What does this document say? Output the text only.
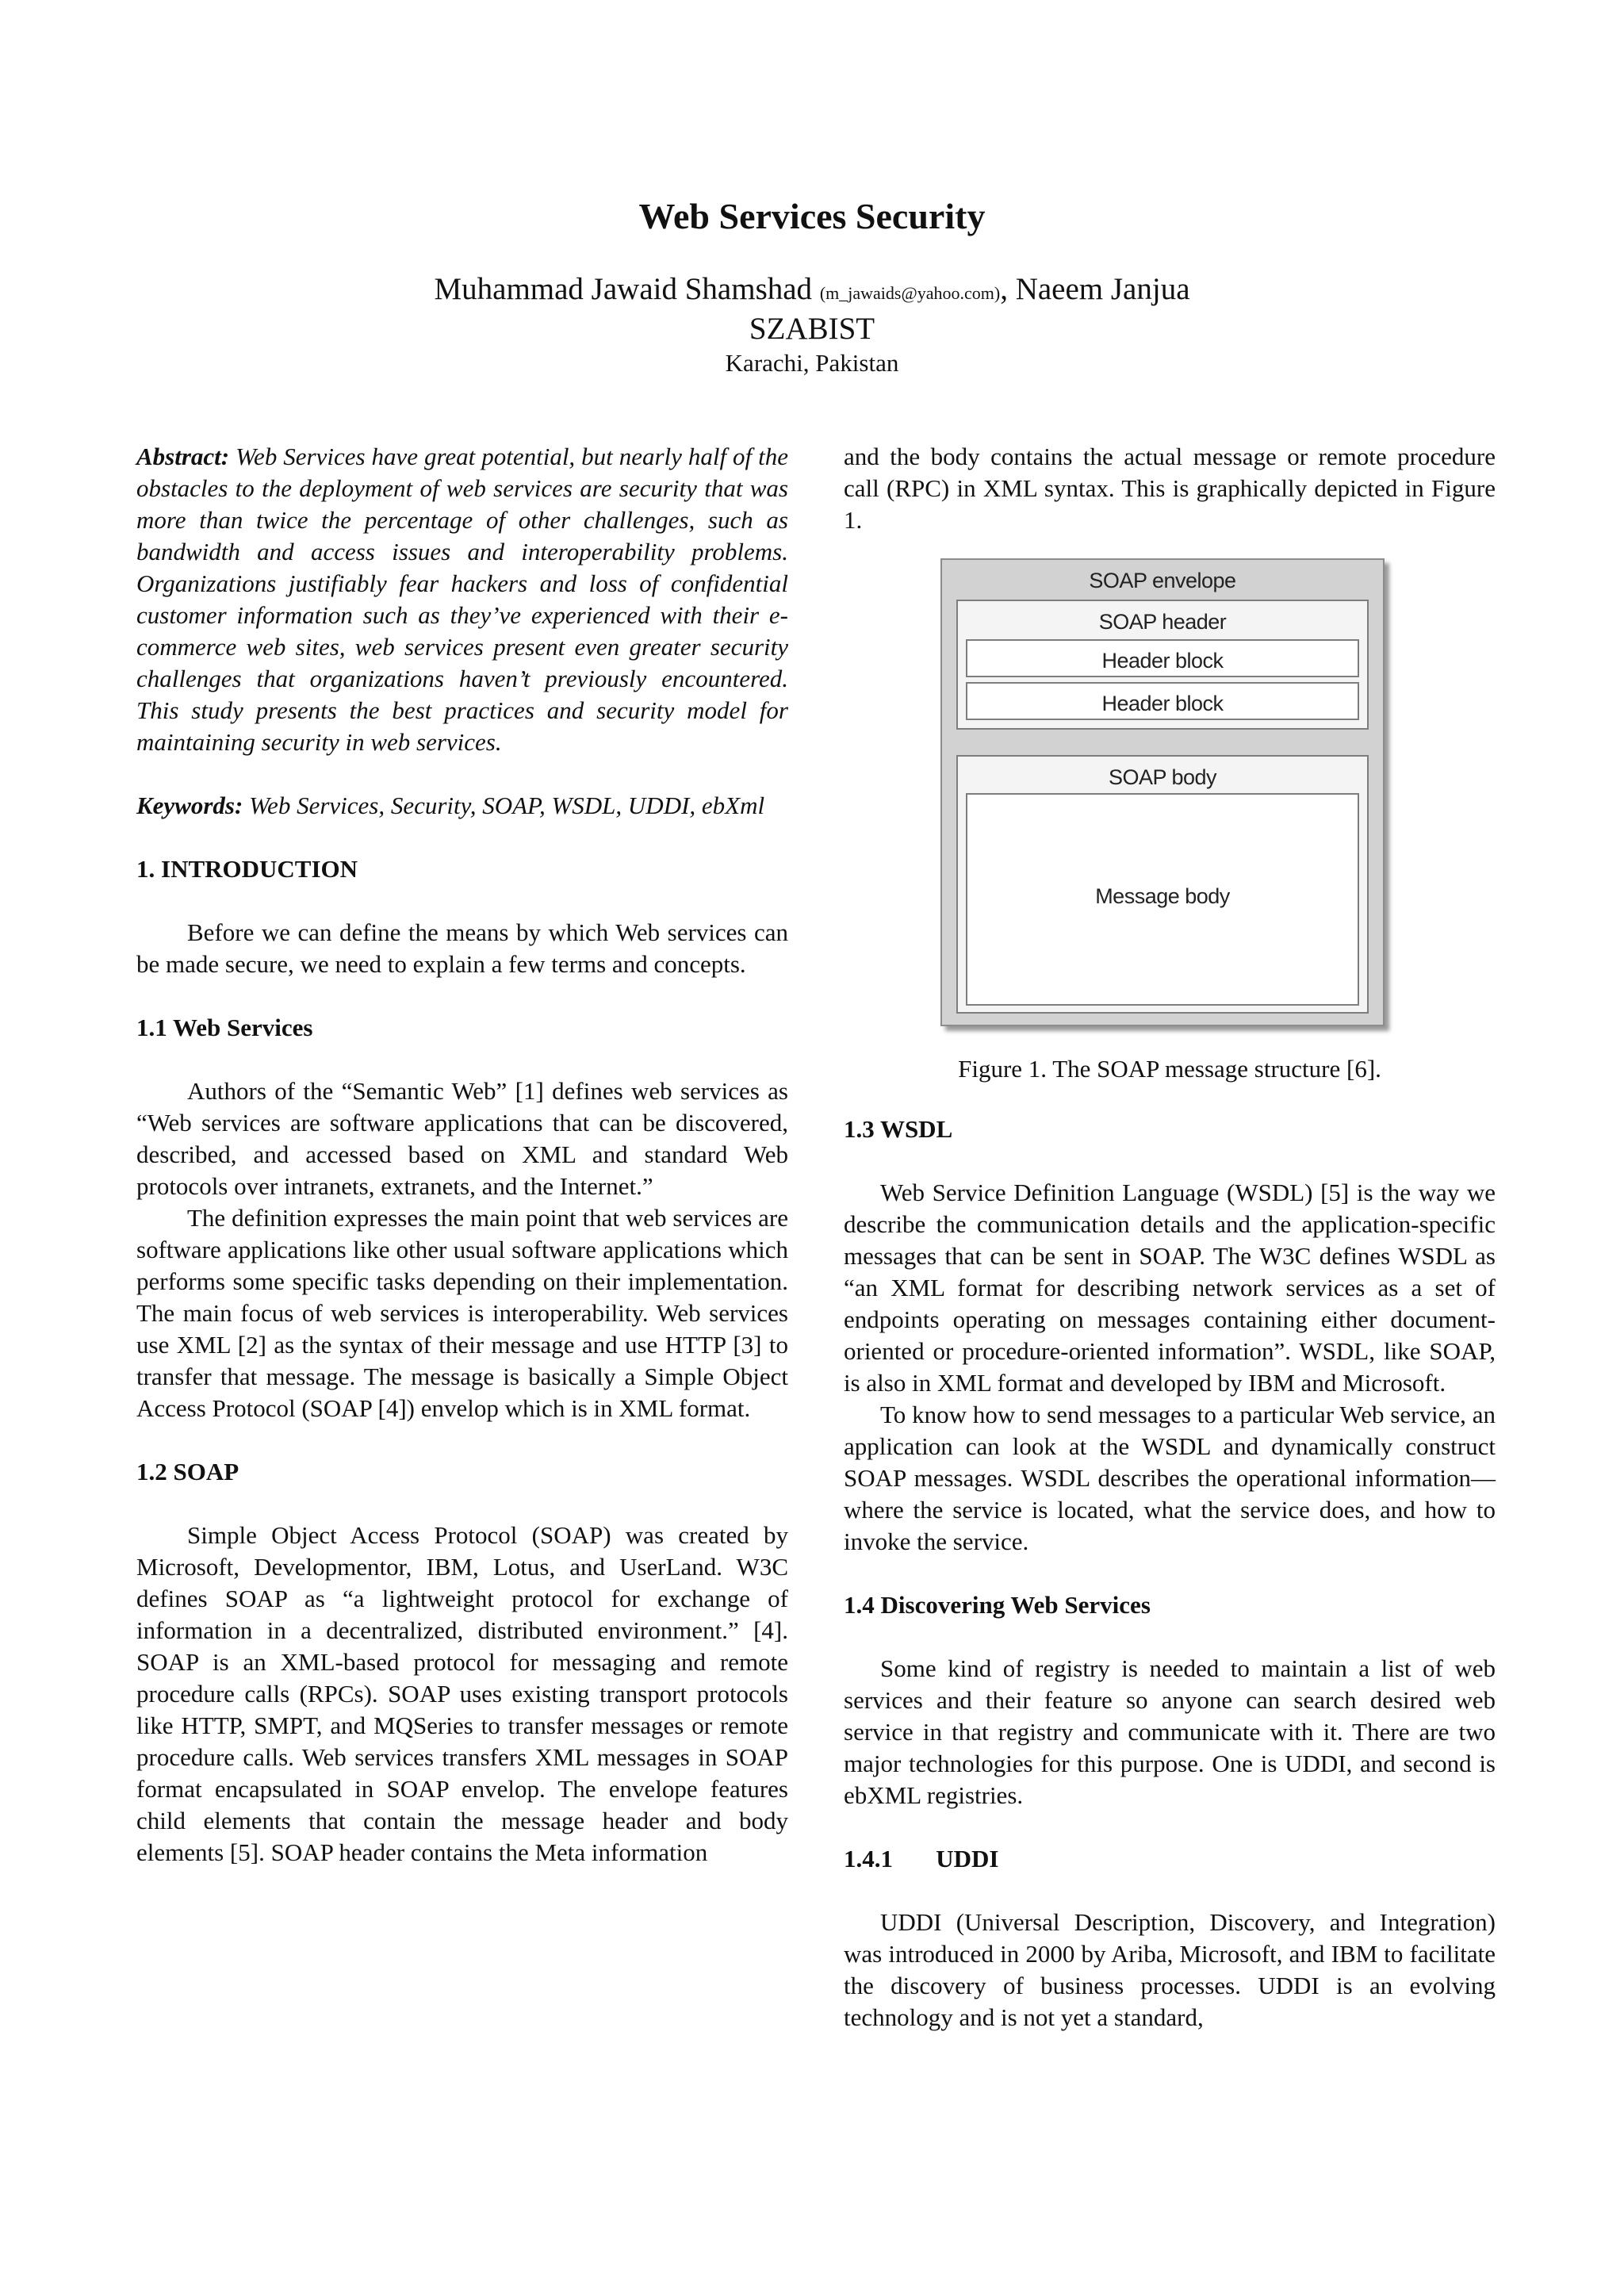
Web Services Security
Muhammad Jawaid Shamshad (m_jawaids@yahoo.com), Naeem Janjua
SZABIST
Karachi, Pakistan

Abstract: Web Services have great potential, but nearly half of the obstacles to the deployment of web services are security that was more than twice the percentage of other challenges, such as bandwidth and access issues and interoperability problems. Organizations justifiably fear hackers and loss of confidential customer information such as they’ve experienced with their e-commerce web sites, web services present even greater security challenges that organizations haven’t previously encountered. This study presents the best practices and security model for maintaining security in web services.

Keywords: Web Services, Security, SOAP, WSDL, UDDI, ebXml

1. INTRODUCTION

Before we can define the means by which Web services can be made secure, we need to explain a few terms and concepts.

1.1 Web Services

Authors of the “Semantic Web” [1] defines web services as “Web services are software applications that can be discovered, described, and accessed based on XML and standard Web protocols over intranets, extranets, and the Internet.”

The definition expresses the main point that web services are software applications like other usual software applications which performs some specific tasks depending on their implementation. The main focus of web services is interoperability. Web services use XML [2] as the syntax of their message and use HTTP [3] to transfer that message. The message is basically a Simple Object Access Protocol (SOAP [4]) envelop which is in XML format.

1.2 SOAP

Simple Object Access Protocol (SOAP) was created by Microsoft, Developmentor, IBM, Lotus, and UserLand. W3C defines SOAP as “a lightweight protocol for exchange of information in a decentralized, distributed environment.” [4]. SOAP is an XML-based protocol for messaging and remote procedure calls (RPCs). SOAP uses existing transport protocols like HTTP, SMPT, and MQSeries to transfer messages or remote procedure calls. Web services transfers XML messages in SOAP format encapsulated in SOAP envelop. The envelope features child elements that contain the message header and body elements [5]. SOAP header contains the Meta information

and the body contains the actual message or remote procedure call (RPC) in XML syntax. This is graphically depicted in Figure 1.

SOAP envelope
SOAP header
Header block
Header block
SOAP body
Message body

Figure 1. The SOAP message structure [6].

1.3 WSDL

Web Service Definition Language (WSDL) [5] is the way we describe the communication details and the application-specific messages that can be sent in SOAP. The W3C defines WSDL as “an XML format for describing network services as a set of endpoints operating on messages containing either document-oriented or procedure-oriented information”. WSDL, like SOAP, is also in XML format and developed by IBM and Microsoft.

To know how to send messages to a particular Web service, an application can look at the WSDL and dynamically construct SOAP messages. WSDL describes the operational information—where the service is located, what the service does, and how to invoke the service.

1.4 Discovering Web Services

Some kind of registry is needed to maintain a list of web services and their feature so anyone can search desired web service in that registry and communicate with it. There are two major technologies for this purpose. One is UDDI, and second is ebXML registries.

1.4.1       UDDI

UDDI (Universal Description, Discovery, and Integration) was introduced in 2000 by Ariba, Microsoft, and IBM to facilitate the discovery of business processes. UDDI is an evolving technology and is not yet a standard,
